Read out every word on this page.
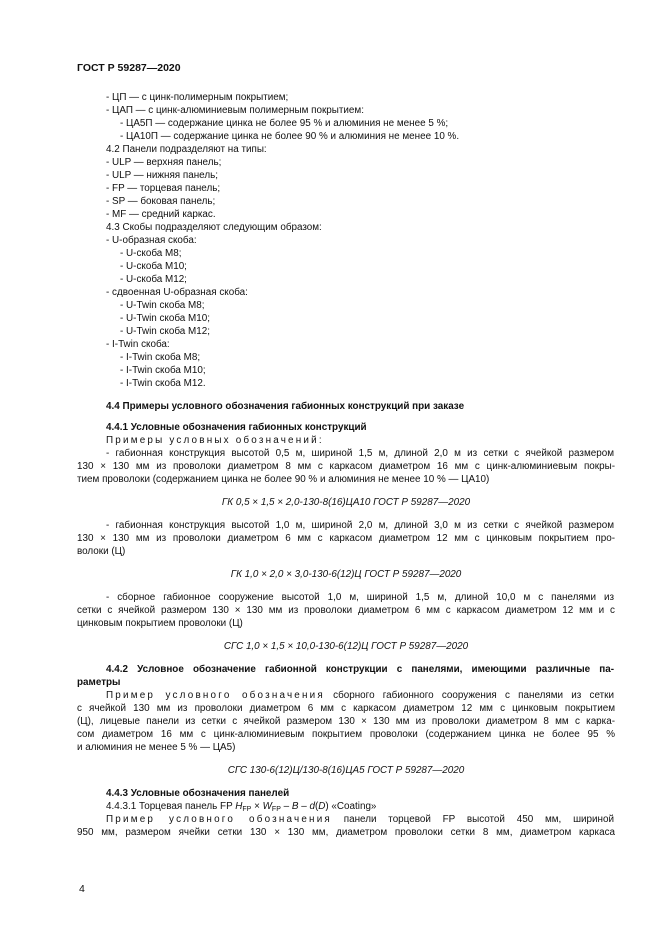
ГОСТ Р 59287—2020
- ЦП — с цинк-полимерным покрытием;
- ЦАП — с цинк-алюминиевым полимерным покрытием:
- ЦА5П — содержание цинка не более 95 % и алюминия не менее 5 %;
- ЦА10П — содержание цинка не более 90 % и алюминия не менее 10 %.
4.2 Панели подразделяют на типы:
- ULP — верхняя панель;
- ULP — нижняя панель;
- FP — торцевая панель;
- SP — боковая панель;
- MF — средний каркас.
4.3 Скобы подразделяют следующим образом:
- U-образная скоба:
- U-скоба M8;
- U-скоба M10;
- U-скоба M12;
- сдвоенная U-образная скоба:
- U-Twin скоба M8;
- U-Twin скоба M10;
- U-Twin скоба M12;
- I-Twin скоба:
- I-Twin скоба M8;
- I-Twin скоба M10;
- I-Twin скоба M12.
4.4 Примеры условного обозначения габионных конструкций при заказе
4.4.1 Условные обозначения габионных конструкций
Примеры условных обозначений:
- габионная конструкция высотой 0,5 м, шириной 1,5 м, длиной 2,0 м из сетки с ячейкой размером
130 × 130 мм из проволоки диаметром 8 мм с каркасом диаметром 16 мм с цинк-алюминиевым покры-
тием проволоки (содержанием цинка не более 90 % и алюминия не менее 10 % — ЦА10)
ГК 0,5 × 1,5 × 2,0-130-8(16)ЦА10 ГОСТ Р 59287—2020
- габионная конструкция высотой 1,0 м, шириной 2,0 м, длиной 3,0 м из сетки с ячейкой размером
130 × 130 мм из проволоки диаметром 6 мм с каркасом диаметром 12 мм с цинковым покрытием про-
волоки (Ц)
ГК 1,0 × 2,0 × 3,0-130-6(12)Ц ГОСТ Р 59287—2020
- сборное габионное сооружение высотой 1,0 м, шириной 1,5 м, длиной 10,0 м с панелями из
сетки с ячейкой размером 130 × 130 мм из проволоки диаметром 6 мм с каркасом диаметром 12 мм и с
цинковым покрытием проволоки (Ц)
СГС 1,0 × 1,5 × 10,0-130-6(12)Ц ГОСТ Р 59287—2020
4.4.2 Условное обозначение габионной конструкции с панелями, имеющими различные па-
раметры
Пример условного обозначения сборного габионного сооружения с панелями из сетки
с ячейкой 130 мм из проволоки диаметром 6 мм с каркасом диаметром 12 мм с цинковым покрытием
(Ц), лицевые панели из сетки с ячейкой размером 130 × 130 мм из проволоки диаметром 8 мм с карка-
сом диаметром 16 мм с цинк-алюминиевым покрытием проволоки (содержанием цинка не более 95 %
и алюминия не менее 5 % — ЦА5)
СГС 130-6(12)Ц/130-8(16)ЦА5 ГОСТ Р 59287—2020
4.4.3 Условные обозначения панелей
4.4.3.1 Торцевая панель FP $H_{FP} \times W_{FP} - B - d(D)$ «Coating»
Пример условного обозначения панели торцевой FP высотой 450 мм, шириной
950 мм, размером ячейки сетки 130 × 130 мм, диаметром проволоки сетки 8 мм, диаметром каркаса
4
